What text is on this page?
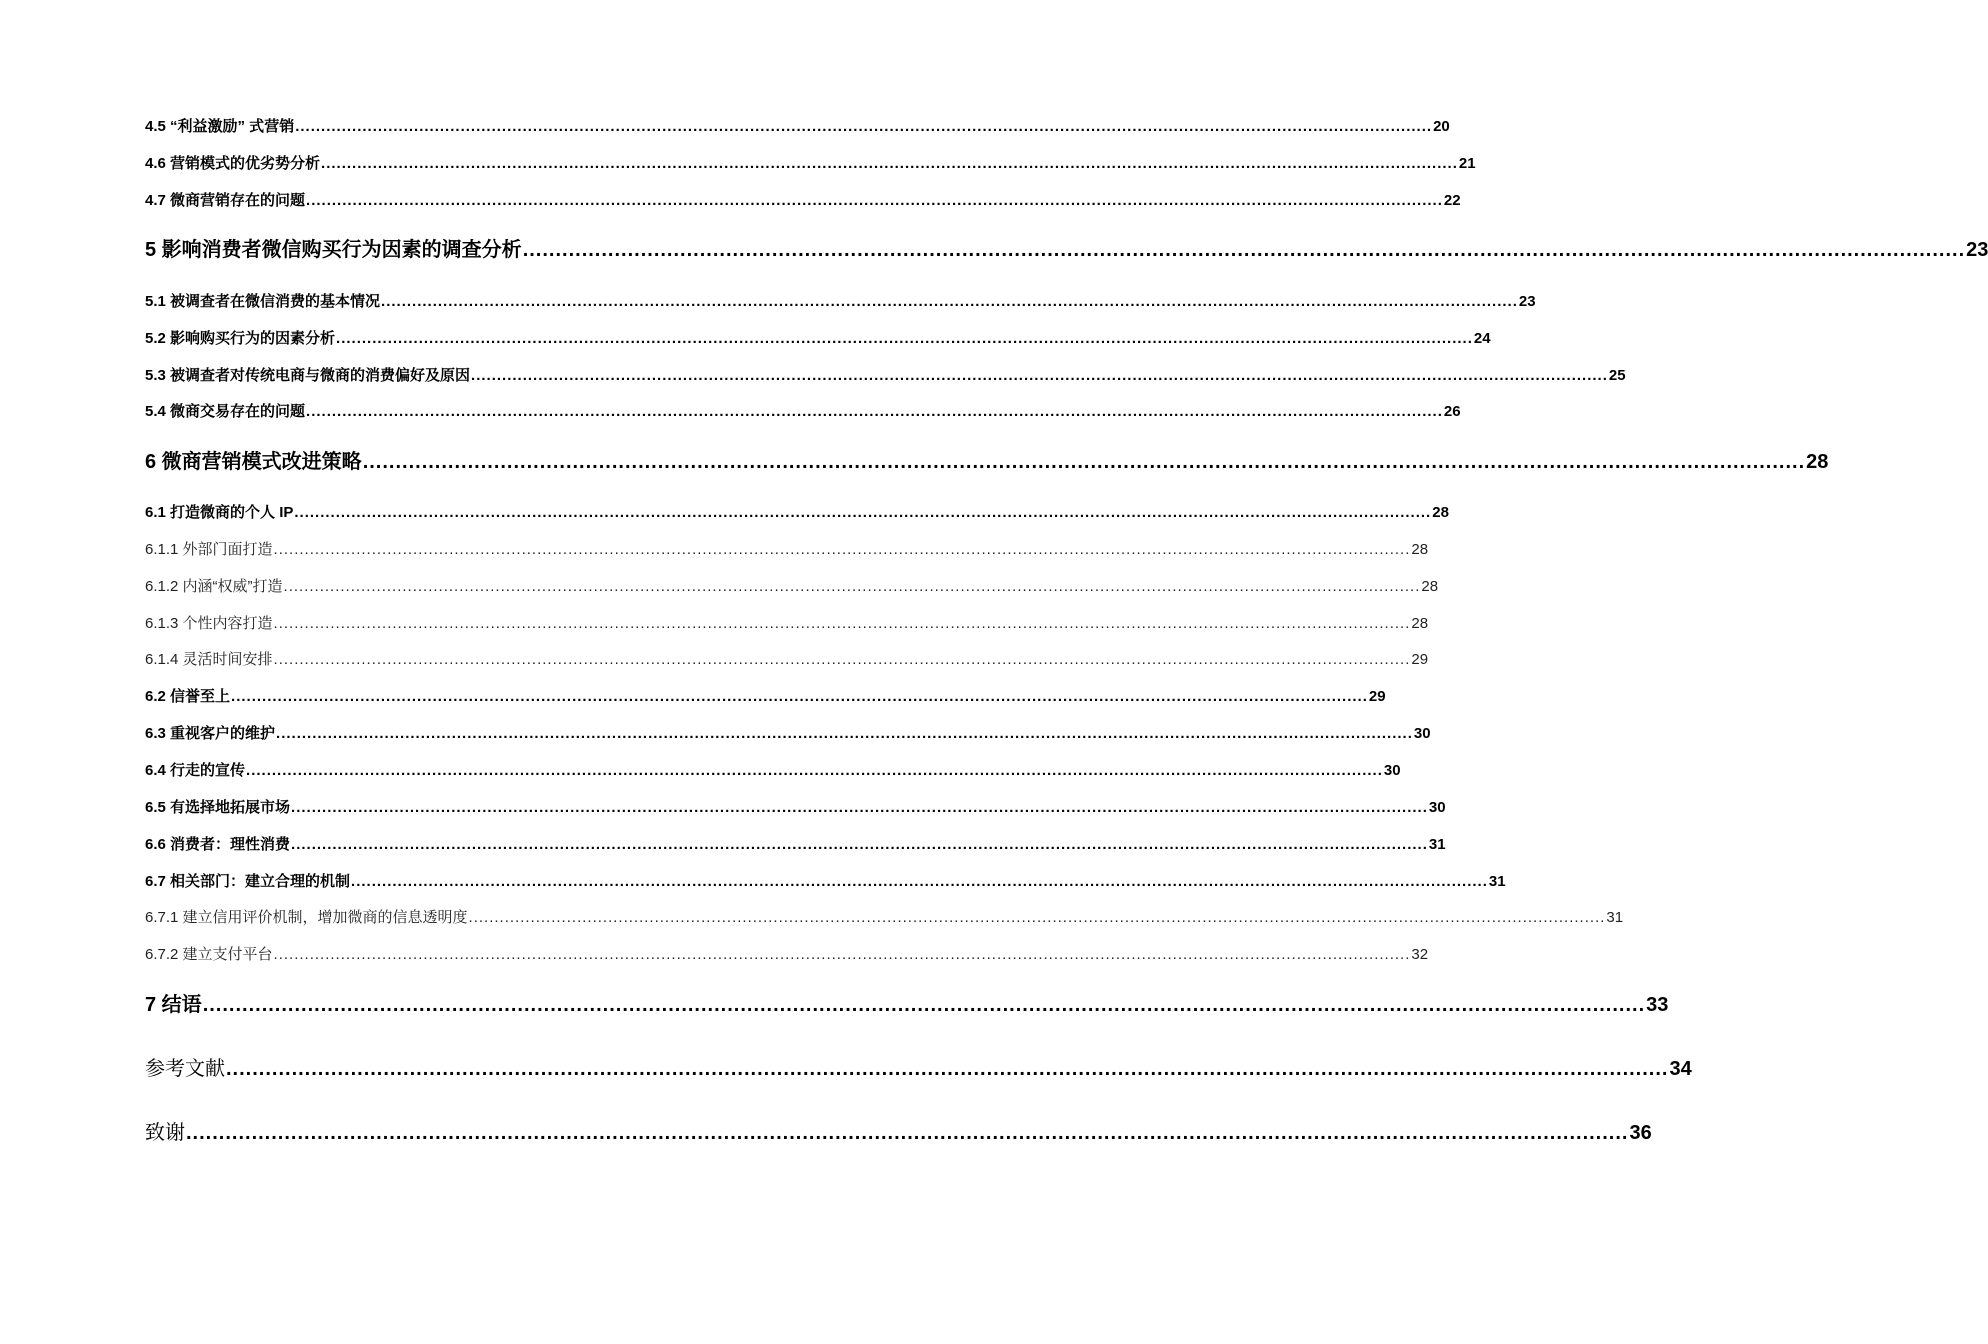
4.5 “利益激励” 式营销 ............................................................................................................................................................................................................................ 20
4.6 营销模式的优劣势分析 ............................................................................................................................................................................................................................ 21
4.7 微商营销存在的问题 ............................................................................................................................................................................................................................ 22
5 影响消费者微信购买行为因素的调查分析 ............................................................................................................................................................................................................................ 23
5.1 被调查者在微信消费的基本情况 ............................................................................................................................................................................................................................ 23
5.2 影响购买行为的因素分析 ............................................................................................................................................................................................................................ 24
5.3 被调查者对传统电商与微商的消费偏好及原因 ............................................................................................................................................................................................................................ 25
5.4 微商交易存在的问题 ............................................................................................................................................................................................................................ 26
6 微商营销模式改进策略 ............................................................................................................................................................................................................................ 28
6.1 打造微商的个人 IP ............................................................................................................................................................................................................................ 28
6.1.1 外部门面打造 ............................................................................................................................................................................................................................ 28
6.1.2 内涵“权威”打造 ............................................................................................................................................................................................................................ 28
6.1.3 个性内容打造 ............................................................................................................................................................................................................................ 28
6.1.4 灵活时间安排 ............................................................................................................................................................................................................................ 29
6.2 信誉至上 ............................................................................................................................................................................................................................ 29
6.3 重视客户的维护 ............................................................................................................................................................................................................................ 30
6.4 行走的宣传 ............................................................................................................................................................................................................................ 30
6.5 有选择地拓展市场 ............................................................................................................................................................................................................................ 30
6.6 消费者：理性消费 ............................................................................................................................................................................................................................ 31
6.7 相关部门：建立合理的机制 ............................................................................................................................................................................................................................ 31
6.7.1 建立信用评价机制，增加微商的信息透明度 ............................................................................................................................................................................................................................ 31
6.7.2 建立支付平台 ............................................................................................................................................................................................................................ 32
7 结语 ............................................................................................................................................................................................................................ 33
参考文献 ............................................................................................................................................................................................................................ 34
致谢 ............................................................................................................................................................................................................................ 36
